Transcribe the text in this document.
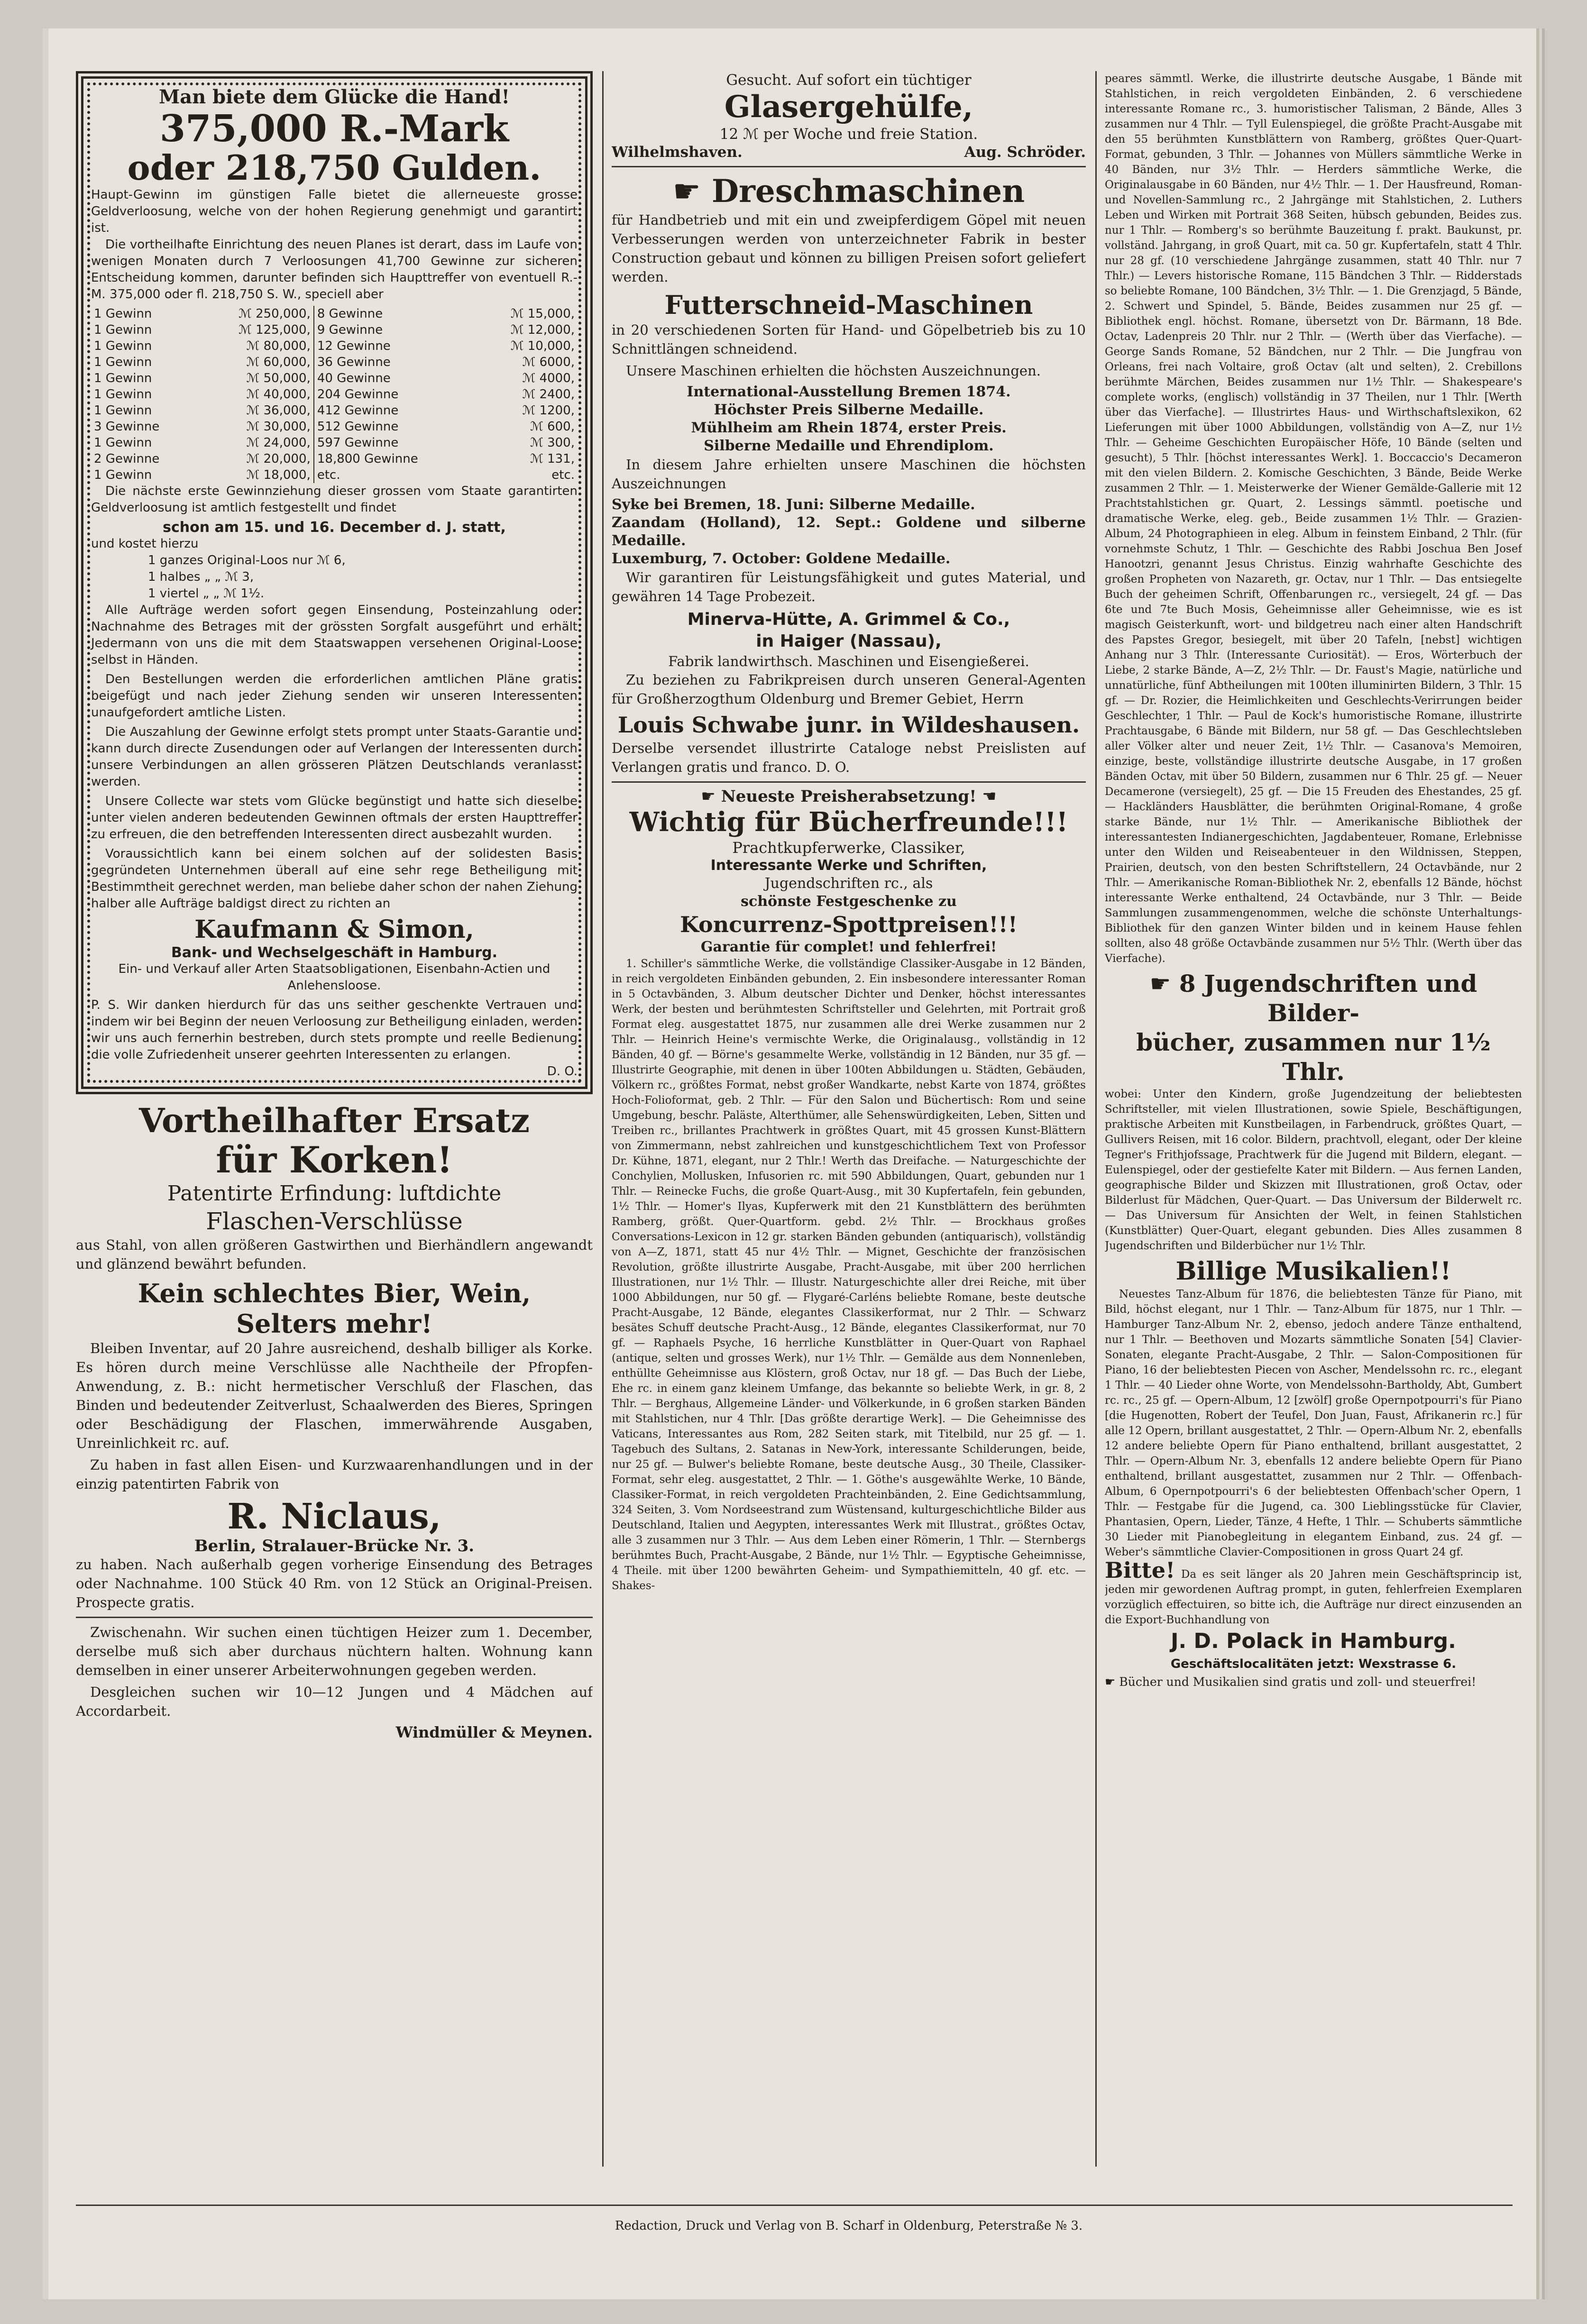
Man biete dem Glücke die Hand!
375,000 R.-Mark
oder 218,750 Gulden.
Haupt-Gewinn im günstigen Falle bietet die allerneueste grosse Geldverloosung, welche von der hohen Regierung genehmigt und garantirt ist.

Die vortheilhafte Einrichtung des neuen Planes ist derart, dass im Laufe von wenigen Monaten durch 7 Verloosungen 41,700 Gewinne zur sicheren Entscheidung kommen, darunter befinden sich Haupttreffer von eventuell R.-M. 375,000 oder fl. 218,750 S. W., speciell aber

1 Gewinn	ℳ 250,000,	8 Gewinne	ℳ 15,000,
1 Gewinn	ℳ 125,000,	9 Gewinne	ℳ 12,000,
1 Gewinn	ℳ 80,000,	12 Gewinne	ℳ 10,000,
1 Gewinn	ℳ 60,000,	36 Gewinne	ℳ 6000,
1 Gewinn	ℳ 50,000,	40 Gewinne	ℳ 4000,
1 Gewinn	ℳ 40,000,	204 Gewinne	ℳ 2400,
1 Gewinn	ℳ 36,000,	412 Gewinne	ℳ 1200,
3 Gewinne	ℳ 30,000,	512 Gewinne	ℳ 600,
1 Gewinn	ℳ 24,000,	597 Gewinne	ℳ 300,
2 Gewinne	ℳ 20,000,	18,800 Gewinne	ℳ 131,
1 Gewinn	ℳ 18,000,	etc.	etc.

Die nächste erste Gewinnziehung dieser grossen vom Staate garantirten Geldverloosung ist amtlich festgestellt und findet

schon am 15. und 16. December d. J. statt,
und kostet hierzu
1 ganzes Original-Loos nur ℳ 6,
1 halbes „ „ ℳ 3,
1 viertel „ „ ℳ 1½.

Alle Aufträge werden sofort gegen Einsendung, Posteinzahlung oder Nachnahme des Betrages mit der grössten Sorgfalt ausgeführt und erhält Jedermann von uns die mit dem Staatswappen versehenen Original-Loose selbst in Händen.

Den Bestellungen werden die erforderlichen amtlichen Pläne gratis beigefügt und nach jeder Ziehung senden wir unseren Interessenten unaufgefordert amtliche Listen.

Die Auszahlung der Gewinne erfolgt stets prompt unter Staats-Garantie und kann durch directe Zusendungen oder auf Verlangen der Interessenten durch unsere Verbindungen an allen grösseren Plätzen Deutschlands veranlasst werden.

Unsere Collecte war stets vom Glücke begünstigt und hatte sich dieselbe unter vielen anderen bedeutenden Gewinnen oftmals der ersten Haupttreffer zu erfreuen, die den betreffenden Interessenten direct ausbezahlt wurden.

Voraussichtlich kann bei einem solchen auf der solidesten Basis gegründeten Unternehmen überall auf eine sehr rege Betheiligung mit Bestimmtheit gerechnet werden, man beliebe daher schon der nahen Ziehung halber alle Aufträge baldigst direct zu richten an

Kaufmann & Simon,
Bank- und Wechselgeschäft in Hamburg.
Ein- und Verkauf aller Arten Staatsobligationen, Eisenbahn-Actien und Anlehensloose.
P. S. Wir danken hierdurch für das uns seither geschenkte Vertrauen und indem wir bei Beginn der neuen Verloosung zur Betheiligung einladen, werden wir uns auch fernerhin bestreben, durch stets prompte und reelle Bedienung die volle Zufriedenheit unserer geehrten Interessenten zu erlangen.
D. O.
Vortheilhafter Ersatz
für Korken!
Patentirte Erfindung: luftdichte
Flaschen-Verschlüsse
aus Stahl, von allen größeren Gastwirthen und Bierhändlern angewandt und glänzend bewährt befunden.
Kein schlechtes Bier, Wein,
Selters mehr!

Bleiben Inventar, auf 20 Jahre ausreichend, deshalb billiger als Korke. Es hören durch meine Verschlüsse alle Nachtheile der Pfropfen-Anwendung, z. B.: nicht hermetischer Verschluß der Flaschen, das Binden und bedeutender Zeitverlust, Schaalwerden des Bieres, Springen oder Beschädigung der Flaschen, immerwährende Ausgaben, Unreinlichkeit rc. auf.

Zu haben in fast allen Eisen- und Kurzwaarenhandlungen und in der einzig patentirten Fabrik von

R. Niclaus,
Berlin, Stralauer-Brücke Nr. 3.
zu haben. Nach außerhalb gegen vorherige Einsendung des Betrages oder Nachnahme. 100 Stück 40 Rm. von 12 Stück an Original-Preisen. Prospecte gratis.

Zwischenahn. Wir suchen einen tüchtigen Heizer zum 1. December, derselbe muß sich aber durchaus nüchtern halten. Wohnung kann demselben in einer unserer Arbeiterwohnungen gegeben werden.

Desgleichen suchen wir 10—12 Jungen und 4 Mädchen auf Accordarbeit.

Windmüller & Meynen.
Gesucht. Auf sofort ein tüchtiger
Glasergehülfe,
12 ℳ per Woche und freie Station.
Wilhelmshaven.	Aug. Schröder.
☛ Dreschmaschinen

für Handbetrieb und mit ein und zweipferdigem Göpel mit neuen Verbesserungen werden von unterzeichneter Fabrik in bester Construction gebaut und können zu billigen Preisen sofort geliefert werden.

Futterschneid-Maschinen

in 20 verschiedenen Sorten für Hand- und Göpelbetrieb bis zu 10 Schnittlängen schneidend.

Unsere Maschinen erhielten die höchsten Auszeichnungen.

International-Ausstellung Bremen 1874.
Höchster Preis Silberne Medaille.
Mühlheim am Rhein 1874, erster Preis.
Silberne Medaille und Ehrendiplom.

In diesem Jahre erhielten unsere Maschinen die höchsten Auszeichnungen

Syke bei Bremen, 18. Juni: Silberne Medaille.
Zaandam (Holland), 12. Sept.: Goldene und silberne Medaille.
Luxemburg, 7. October: Goldene Medaille.

Wir garantiren für Leistungsfähigkeit und gutes Material, und gewähren 14 Tage Probezeit.

Minerva-Hütte, A. Grimmel & Co.,
in Haiger (Nassau),
Fabrik landwirthsch. Maschinen und Eisengießerei.

Zu beziehen zu Fabrikpreisen durch unseren General-Agenten für Großherzogthum Oldenburg und Bremer Gebiet, Herrn

Louis Schwabe junr. in Wildeshausen.
Derselbe versendet illustrirte Cataloge nebst Preislisten auf Verlangen gratis und franco. D. O.
☛ Neueste Preisherabsetzung! ☚
Wichtig für Bücherfreunde!!!
Prachtkupferwerke, Classiker,
Interessante Werke und Schriften,
Jugendschriften rc., als
schönste Festgeschenke zu
Koncurrenz-Spottpreisen!!!
Garantie für complet! und fehlerfrei!

1. Schiller's sämmtliche Werke, die vollständige Classiker-Ausgabe in 12 Bänden, in reich vergoldeten Einbänden gebunden, 2. Ein insbesondere interessanter Roman in 5 Octavbänden, 3. Album deutscher Dichter und Denker, höchst interessantes Werk, der besten und berühmtesten Schriftsteller und Gelehrten, mit Portrait groß Format eleg. ausgestattet 1875, nur zusammen alle drei Werke zusammen nur 2 Thlr. — Heinrich Heine's vermischte Werke, die Originalausg., vollständig in 12 Bänden, 40 gf. — Börne's gesammelte Werke, vollständig in 12 Bänden, nur 35 gf. — Illustrirte Geographie, mit denen in über 100ten Abbildungen u. Städten, Gebäuden, Völkern rc., größtes Format, nebst großer Wandkarte, nebst Karte von 1874, größtes Hoch-Folioformat, geb. 2 Thlr. — Für den Salon und Büchertisch: Rom und seine Umgebung, beschr. Paläste, Alterthümer, alle Sehenswürdigkeiten, Leben, Sitten und Treiben rc., brillantes Prachtwerk in größtes Quart, mit 45 grossen Kunst-Blättern von Zimmermann, nebst zahlreichen und kunstgeschichtlichem Text von Professor Dr. Kühne, 1871, elegant, nur 2 Thlr.! Werth das Dreifache. — Naturgeschichte der Conchylien, Mollusken, Infusorien rc. mit 590 Abbildungen, Quart, gebunden nur 1 Thlr. — Reinecke Fuchs, die große Quart-Ausg., mit 30 Kupfertafeln, fein gebunden, 1½ Thlr. — Homer's Ilyas, Kupferwerk mit den 21 Kunstblättern des berühmten Ramberg, größt. Quer-Quartform. gebd. 2½ Thlr. — Brockhaus großes Conversations-Lexicon in 12 gr. starken Bänden gebunden (antiquarisch), vollständig von A—Z, 1871, statt 45 nur 4½ Thlr. — Mignet, Geschichte der französischen Revolution, größte illustrirte Ausgabe, Pracht-Ausgabe, mit über 200 herrlichen Illustrationen, nur 1½ Thlr. — Illustr. Naturgeschichte aller drei Reiche, mit über 1000 Abbildungen, nur 50 gf. — Flygaré-Carléns beliebte Romane, beste deutsche Pracht-Ausgabe, 12 Bände, elegantes Classikerformat, nur 2 Thlr. — Schwarz besätes Schuff deutsche Pracht-Ausg., 12 Bände, elegantes Classikerformat, nur 70 gf. — Raphaels Psyche, 16 herrliche Kunstblätter in Quer-Quart von Raphael (antique, selten und grosses Werk), nur 1½ Thlr. — Gemälde aus dem Nonnenleben, enthüllte Geheimnisse aus Klöstern, groß Octav, nur 18 gf. — Das Buch der Liebe, Ehe rc. in einem ganz kleinem Umfange, das bekannte so beliebte Werk, in gr. 8, 2 Thlr. — Berghaus, Allgemeine Länder- und Völkerkunde, in 6 großen starken Bänden mit Stahlstichen, nur 4 Thlr. [Das größte derartige Werk]. — Die Geheimnisse des Vaticans, Interessantes aus Rom, 282 Seiten stark, mit Titelbild, nur 25 gf. — 1. Tagebuch des Sultans, 2. Satanas in New-York, interessante Schilderungen, beide, nur 25 gf. — Bulwer's beliebte Romane, beste deutsche Ausg., 30 Theile, Classiker-Format, sehr eleg. ausgestattet, 2 Thlr. — 1. Göthe's ausgewählte Werke, 10 Bände, Classiker-Format, in reich vergoldeten Prachteinbänden, 2. Eine Gedichtsammlung, 324 Seiten, 3. Vom Nordseestrand zum Wüstensand, kulturgeschichtliche Bilder aus Deutschland, Italien und Aegypten, interessantes Werk mit Illustrat., größtes Octav, alle 3 zusammen nur 3 Thlr. — Aus dem Leben einer Römerin, 1 Thlr. — Sternbergs berühmtes Buch, Pracht-Ausgabe, 2 Bände, nur 1½ Thlr. — Egyptische Geheimnisse, 4 Theile. mit über 1200 bewährten Geheim- und Sympathiemitteln, 40 gf. etc. — Shakes-

peares sämmtl. Werke, die illustrirte deutsche Ausgabe, 1 Bände mit Stahlstichen, in reich vergoldeten Einbänden, 2. 6 verschiedene interessante Romane rc., 3. humoristischer Talisman, 2 Bände, Alles 3 zusammen nur 4 Thlr. — Tyll Eulenspiegel, die größte Pracht-Ausgabe mit den 55 berühmten Kunstblättern von Ramberg, größtes Quer-Quart-Format, gebunden, 3 Thlr. — Johannes von Müllers sämmtliche Werke in 40 Bänden, nur 3½ Thlr. — Herders sämmtliche Werke, die Originalausgabe in 60 Bänden, nur 4½ Thlr. — 1. Der Hausfreund, Roman- und Novellen-Sammlung rc., 2 Jahrgänge mit Stahlstichen, 2. Luthers Leben und Wirken mit Portrait 368 Seiten, hübsch gebunden, Beides zus. nur 1 Thlr. — Romberg's so berühmte Bauzeitung f. prakt. Baukunst, pr. vollständ. Jahrgang, in groß Quart, mit ca. 50 gr. Kupfertafeln, statt 4 Thlr. nur 28 gf. (10 verschiedene Jahrgänge zusammen, statt 40 Thlr. nur 7 Thlr.) — Levers historische Romane, 115 Bändchen 3 Thlr. — Ridderstads so beliebte Romane, 100 Bändchen, 3½ Thlr. — 1. Die Grenzjagd, 5 Bände, 2. Schwert und Spindel, 5. Bände, Beides zusammen nur 25 gf. — Bibliothek engl. höchst. Romane, übersetzt von Dr. Bärmann, 18 Bde. Octav, Ladenpreis 20 Thlr. nur 2 Thlr. — (Werth über das Vierfache). — George Sands Romane, 52 Bändchen, nur 2 Thlr. — Die Jungfrau von Orleans, frei nach Voltaire, groß Octav (alt und selten), 2. Crebillons berühmte Märchen, Beides zusammen nur 1½ Thlr. — Shakespeare's complete works, (englisch) vollständig in 37 Theilen, nur 1 Thlr. [Werth über das Vierfache]. — Illustrirtes Haus- und Wirthschaftslexikon, 62 Lieferungen mit über 1000 Abbildungen, vollständig von A—Z, nur 1½ Thlr. — Geheime Geschichten Europäischer Höfe, 10 Bände (selten und gesucht), 5 Thlr. [höchst interessantes Werk]. 1. Boccaccio's Decameron mit den vielen Bildern. 2. Komische Geschichten, 3 Bände, Beide Werke zusammen 2 Thlr. — 1. Meisterwerke der Wiener Gemälde-Gallerie mit 12 Prachtstahlstichen gr. Quart, 2. Lessings sämmtl. poetische und dramatische Werke, eleg. geb., Beide zusammen 1½ Thlr. — Grazien-Album, 24 Photographieen in eleg. Album in feinstem Einband, 2 Thlr. (für vornehmste Schutz, 1 Thlr. — Geschichte des Rabbi Joschua Ben Josef Hanootzri, genannt Jesus Christus. Einzig wahrhafte Geschichte des großen Propheten von Nazareth, gr. Octav, nur 1 Thlr. — Das entsiegelte Buch der geheimen Schrift, Offenbarungen rc., versiegelt, 24 gf. — Das 6te und 7te Buch Mosis, Geheimnisse aller Geheimnisse, wie es ist magisch Geisterkunft, wort- und bildgetreu nach einer alten Handschrift des Papstes Gregor, besiegelt, mit über 20 Tafeln, [nebst] wichtigen Anhang nur 3 Thlr. (Interessante Curiosität). — Eros, Wörterbuch der Liebe, 2 starke Bände, A—Z, 2½ Thlr. — Dr. Faust's Magie, natürliche und unnatürliche, fünf Abtheilungen mit 100ten illuminirten Bildern, 3 Thlr. 15 gf. — Dr. Rozier, die Heimlichkeiten und Geschlechts-Verirrungen beider Geschlechter, 1 Thlr. — Paul de Kock's humoristische Romane, illustrirte Prachtausgabe, 6 Bände mit Bildern, nur 58 gf. — Das Geschlechtsleben aller Völker alter und neuer Zeit, 1½ Thlr. — Casanova's Memoiren, einzige, beste, vollständige illustrirte deutsche Ausgabe, in 17 großen Bänden Octav, mit über 50 Bildern, zusammen nur 6 Thlr. 25 gf. — Neuer Decamerone (versiegelt), 25 gf. — Die 15 Freuden des Ehestandes, 25 gf. — Hackländers Hausblätter, die berühmten Original-Romane, 4 große starke Bände, nur 1½ Thlr. — Amerikanische Bibliothek der interessantesten Indianergeschichten, Jagdabenteuer, Romane, Erlebnisse unter den Wilden und Reiseabenteuer in den Wildnissen, Steppen, Prairien, deutsch, von den besten Schriftstellern, 24 Octavbände, nur 2 Thlr. — Amerikanische Roman-Bibliothek Nr. 2, ebenfalls 12 Bände, höchst interessante Werke enthaltend, 24 Octavbände, nur 3 Thlr. — Beide Sammlungen zusammengenommen, welche die schönste Unterhaltungs-Bibliothek für den ganzen Winter bilden und in keinem Hause fehlen sollten, also 48 größe Octavbände zusammen nur 5½ Thlr. (Werth über das Vierfache).

☛ 8 Jugendschriften und Bilder-
bücher, zusammen nur 1½ Thlr.

wobei: Unter den Kindern, große Jugendzeitung der beliebtesten Schriftsteller, mit vielen Illustrationen, sowie Spiele, Beschäftigungen, praktische Arbeiten mit Kunstbeilagen, in Farbendruck, größtes Quart, — Gullivers Reisen, mit 16 color. Bildern, prachtvoll, elegant, oder Der kleine Tegner's Frithjofssage, Prachtwerk für die Jugend mit Bildern, elegant. — Eulenspiegel, oder der gestiefelte Kater mit Bildern. — Aus fernen Landen, geographische Bilder und Skizzen mit Illustrationen, groß Octav, oder Bilderlust für Mädchen, Quer-Quart. — Das Universum der Bilderwelt rc. — Das Universum für Ansichten der Welt, in feinen Stahlstichen (Kunstblätter) Quer-Quart, elegant gebunden. Dies Alles zusammen 8 Jugendschriften und Bilderbücher nur 1½ Thlr.

Billige Musikalien!!

Neuestes Tanz-Album für 1876, die beliebtesten Tänze für Piano, mit Bild, höchst elegant, nur 1 Thlr. — Tanz-Album für 1875, nur 1 Thlr. — Hamburger Tanz-Album Nr. 2, ebenso, jedoch andere Tänze enthaltend, nur 1 Thlr. — Beethoven und Mozarts sämmtliche Sonaten [54] Clavier-Sonaten, elegante Pracht-Ausgabe, 2 Thlr. — Salon-Compositionen für Piano, 16 der beliebtesten Piecen von Ascher, Mendelssohn rc. rc., elegant 1 Thlr. — 40 Lieder ohne Worte, von Mendelssohn-Bartholdy, Abt, Gumbert rc. rc., 25 gf. — Opern-Album, 12 [zwölf] große Opernpotpourri's für Piano [die Hugenotten, Robert der Teufel, Don Juan, Faust, Afrikanerin rc.] für alle 12 Opern, brillant ausgestattet, 2 Thlr. — Opern-Album Nr. 2, ebenfalls 12 andere beliebte Opern für Piano enthaltend, brillant ausgestattet, 2 Thlr. — Opern-Album Nr. 3, ebenfalls 12 andere beliebte Opern für Piano enthaltend, brillant ausgestattet, zusammen nur 2 Thlr. — Offenbach-Album, 6 Opernpotpourri's 6 der beliebtesten Offenbach'scher Opern, 1 Thlr. — Festgabe für die Jugend, ca. 300 Lieblingsstücke für Clavier, Phantasien, Opern, Lieder, Tänze, 4 Hefte, 1 Thlr. — Schuberts sämmtliche 30 Lieder mit Pianobegleitung in elegantem Einband, zus. 24 gf. — Weber's sämmtliche Clavier-Compositionen in gross Quart 24 gf.

Bitte! Da es seit länger als 20 Jahren mein Geschäftsprincip ist, jeden mir gewordenen Auftrag prompt, in guten, fehlerfreien Exemplaren vorzüglich effectuiren, so bitte ich, die Aufträge nur direct einzusenden an die Export-Buchhandlung von
J. D. Polack in Hamburg.
Geschäftslocalitäten jetzt: Wexstrasse 6.
☛ Bücher und Musikalien sind gratis und zoll- und steuerfrei!
Redaction, Druck und Verlag von B. Scharf in Oldenburg, Peterstraße № 3.
